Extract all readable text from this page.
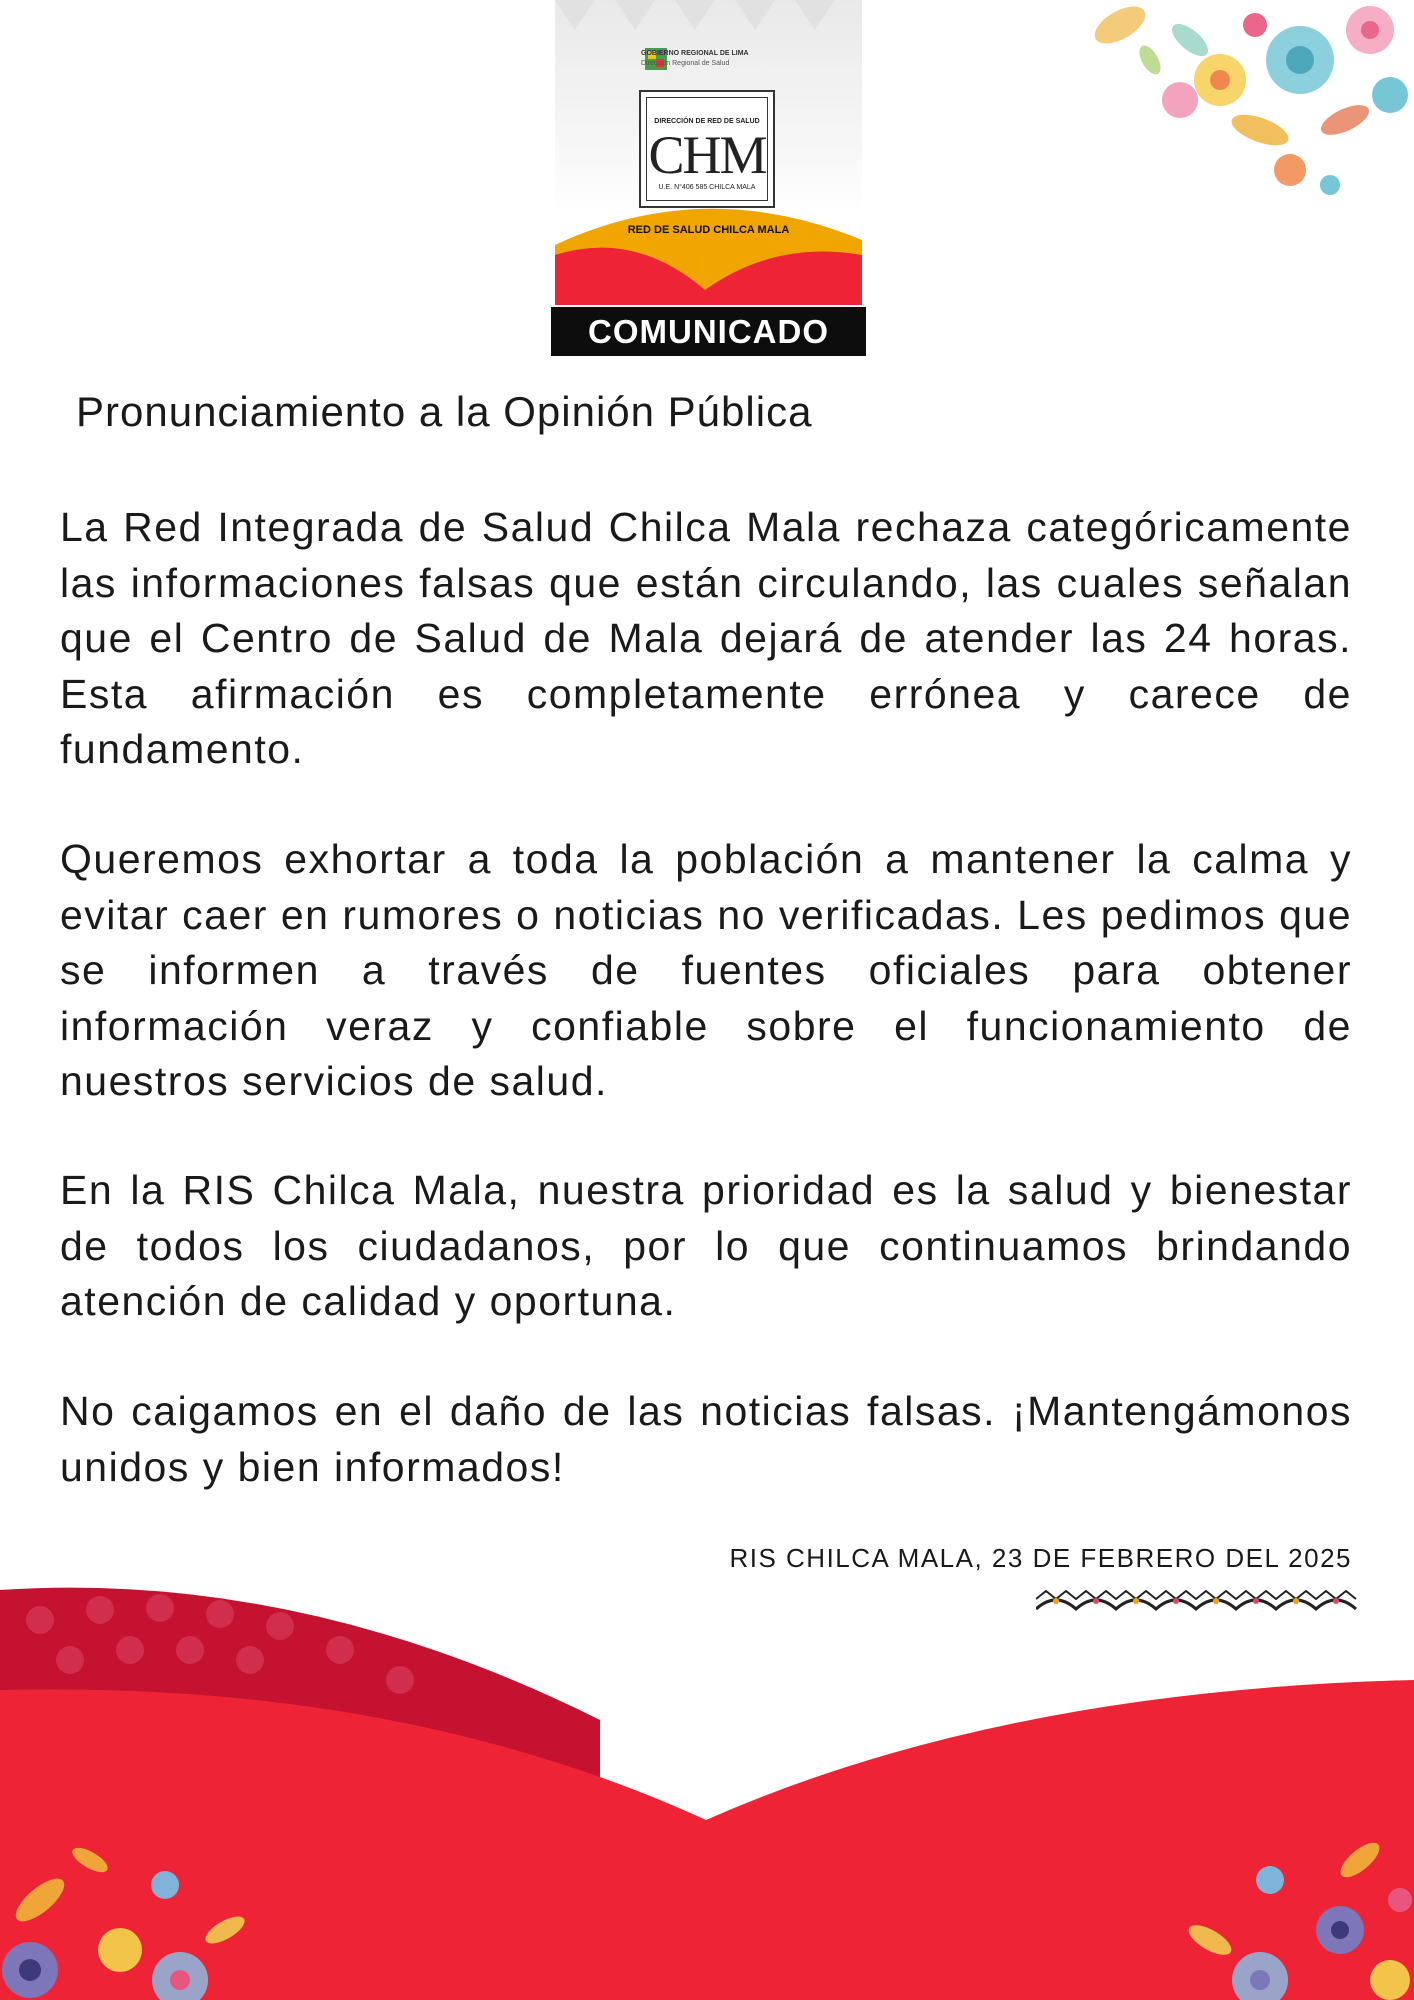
GOBIERNO REGIONAL DE LIMA
Dirección Regional de Salud
DIRECCIÓN DE RED DE SALUD
CHM
U.E. N°406 585 CHILCA MALA
RED DE SALUD CHILCA MALA
COMUNICADO
Pronunciamiento a la Opinión Pública

La Red Integrada de Salud Chilca Mala rechaza categóricamente las informaciones falsas que están circulando, las cuales señalan que el Centro de Salud de Mala dejará de atender las 24 horas. Esta afirmación es completamente errónea y carece de fundamento.

Queremos exhortar a toda la población a mantener la calma y evitar caer en rumores o noticias no verificadas. Les pedimos que se informen a través de fuentes oficiales para obtener información veraz y confiable sobre el funcionamiento de nuestros servicios de salud.

En la RIS Chilca Mala, nuestra prioridad es la salud y bienestar de todos los ciudadanos, por lo que continuamos brindando atención de calidad y oportuna.

No caigamos en el daño de las noticias falsas. ¡Mantengámonos unidos y bien informados!

RIS CHILCA MALA, 23 DE FEBRERO DEL 2025
